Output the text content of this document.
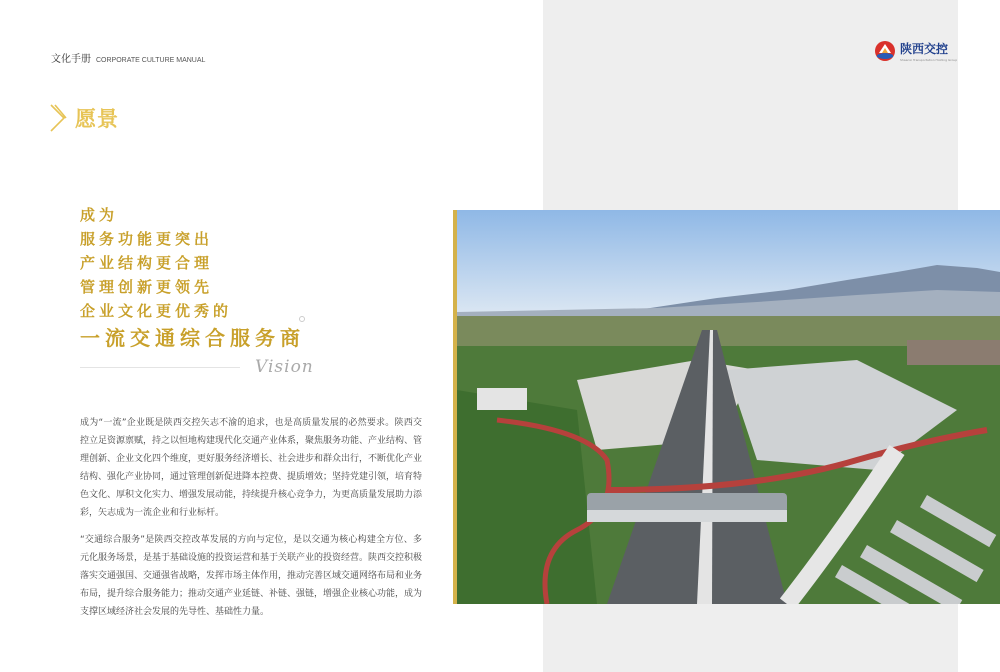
文化手册 CORPORATE CULTURE MANUAL
陕西交控
Shaanxi Transportation Holding Group
愿景
成为
服务功能更突出
产业结构更合理
管理创新更领先
企业文化更优秀的
一流交通综合服务商
Vision
成为“一流”企业既是陕西交控矢志不渝的追求，也是高质量发展的必然要求。陕西交控立足资源禀赋，持之以恒地构建现代化交通产业体系，聚焦服务功能、产业结构、管理创新、企业文化四个维度，更好服务经济增长、社会进步和群众出行，不断优化产业结构、强化产业协同，通过管理创新促进降本控费、提质增效；坚持党建引领，培育特色文化、厚积文化实力、增强发展动能，持续提升核心竞争力，为更高质量发展助力添彩，矢志成为一流企业和行业标杆。
“交通综合服务”是陕西交控改革发展的方向与定位，是以交通为核心构建全方位、多元化服务场景，是基于基础设施的投资运营和基于关联产业的投资经营。陕西交控积极落实交通强国、交通强省战略，发挥市场主体作用，推动完善区域交通网络布局和业务布局，提升综合服务能力；推动交通产业延链、补链、强链，增强企业核心功能，成为支撑区域经济社会发展的先导性、基础性力量。
